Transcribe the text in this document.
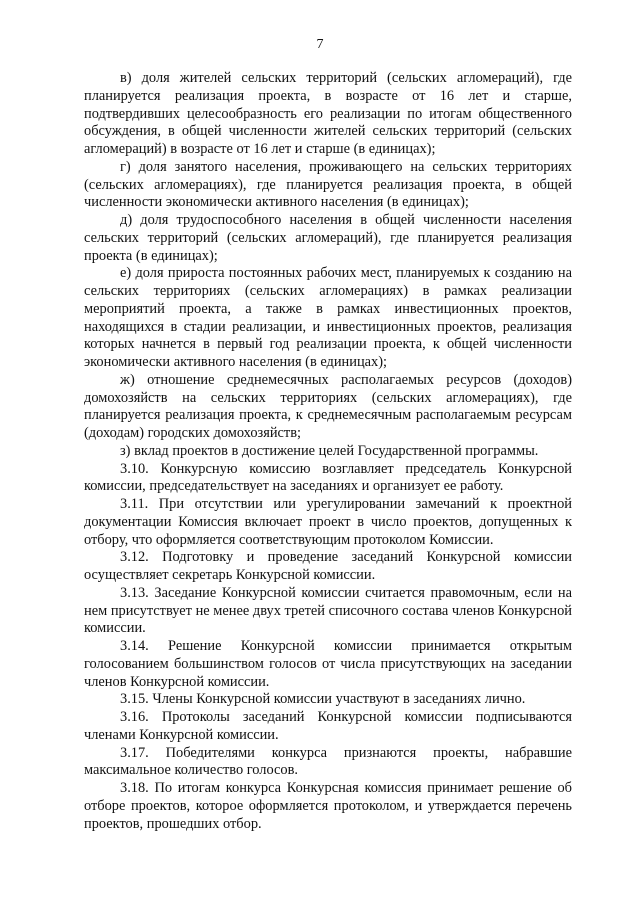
7

в) доля жителей сельских территорий (сельских агломераций), где планируется реализация проекта, в возрасте от 16 лет и старше, подтвердивших целесообразность его реализации по итогам общественного обсуждения, в общей численности жителей сельских территорий (сельских агломераций) в возрасте от 16 лет и старше (в единицах);

г) доля занятого населения, проживающего на сельских территориях (сельских агломерациях), где планируется реализация проекта, в общей численности экономически активного населения (в единицах);

д) доля трудоспособного населения в общей численности населения сельских территорий (сельских агломераций), где планируется реализация проекта (в единицах);

е) доля прироста постоянных рабочих мест, планируемых к созданию на сельских территориях (сельских агломерациях) в рамках реализации мероприятий проекта, а также в рамках инвестиционных проектов, находящихся в стадии реализации, и инвестиционных проектов, реализация которых начнется в первый год реализации проекта, к общей численности экономически активного населения (в единицах);

ж) отношение среднемесячных располагаемых ресурсов (доходов) домохозяйств на сельских территориях (сельских агломерациях), где планируется реализация проекта, к среднемесячным располагаемым ресурсам (доходам) городских домохозяйств;

з) вклад проектов в достижение целей Государственной программы.

3.10. Конкурсную комиссию возглавляет председатель Конкурсной комиссии, председательствует на заседаниях и организует ее работу.

3.11. При отсутствии или урегулировании замечаний к проектной документации Комиссия включает проект в число проектов, допущенных к отбору, что оформляется соответствующим протоколом Комиссии.

3.12. Подготовку и проведение заседаний Конкурсной комиссии осуществляет секретарь Конкурсной комиссии.

3.13. Заседание Конкурсной комиссии считается правомочным, если на нем присутствует не менее двух третей списочного состава членов Конкурсной комиссии.

3.14. Решение Конкурсной комиссии принимается открытым голосованием большинством голосов от числа присутствующих на заседании членов Конкурсной комиссии.

3.15. Члены Конкурсной комиссии участвуют в заседаниях лично.

3.16. Протоколы заседаний Конкурсной комиссии подписываются членами Конкурсной комиссии.

3.17. Победителями конкурса признаются проекты, набравшие максимальное количество голосов.

3.18. По итогам конкурса Конкурсная комиссия принимает решение об отборе проектов, которое оформляется протоколом, и утверждается перечень проектов, прошедших отбор.
